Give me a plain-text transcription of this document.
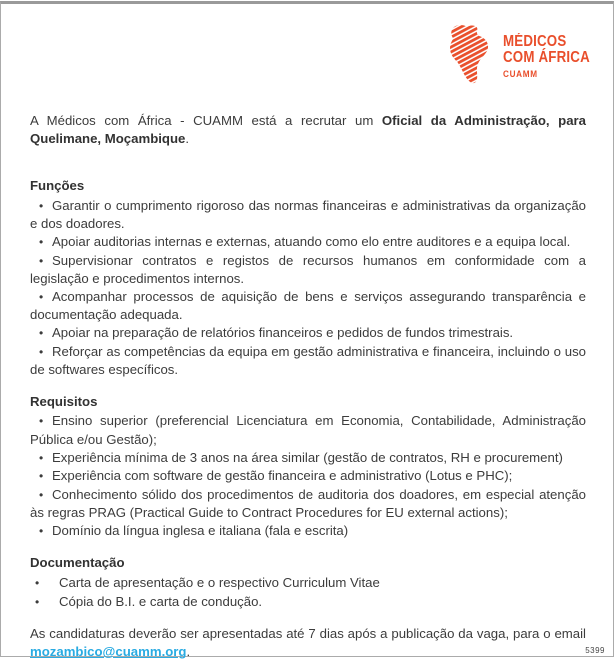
MÉDICOS
COM ÁFRICA
CUAMM

A Médicos com África - CUAMM está a recrutar um Oficial da Administração, para Quelimane, Moçambique.

Funções

• Garantir o cumprimento rigoroso das normas financeiras e administrativas da organização e dos doadores.

• Apoiar auditorias internas e externas, atuando como elo entre auditores e a equipa local.

• Supervisionar contratos e registos de recursos humanos em conformidade com a legislação e procedimentos internos.

• Acompanhar processos de aquisição de bens e serviços assegurando transparência e documentação adequada.

• Apoiar na preparação de relatórios financeiros e pedidos de fundos trimestrais.

• Reforçar as competências da equipa em gestão administrativa e financeira, incluindo o uso de softwares específicos.

Requisitos

• Ensino superior (preferencial Licenciatura em Economia, Contabilidade, Administração Pública e/ou Gestão);

• Experiência mínima de 3 anos na área similar (gestão de contratos, RH e procurement)

• Experiência com software de gestão financeira e administrativo (Lotus e PHC);

• Conhecimento sólido dos procedimentos de auditoria dos doadores, em especial atenção às regras PRAG (Practical Guide to Contract Procedures for EU external actions);

• Domínio da língua inglesa e italiana (fala e escrita)

Documentação

• Carta de apresentação e o respectivo Curriculum Vitae

• Cópia do B.I. e carta de condução.

As candidaturas deverão ser apresentadas até 7 dias após a publicação da vaga, para o email mozambico@cuamm.org.	5399
